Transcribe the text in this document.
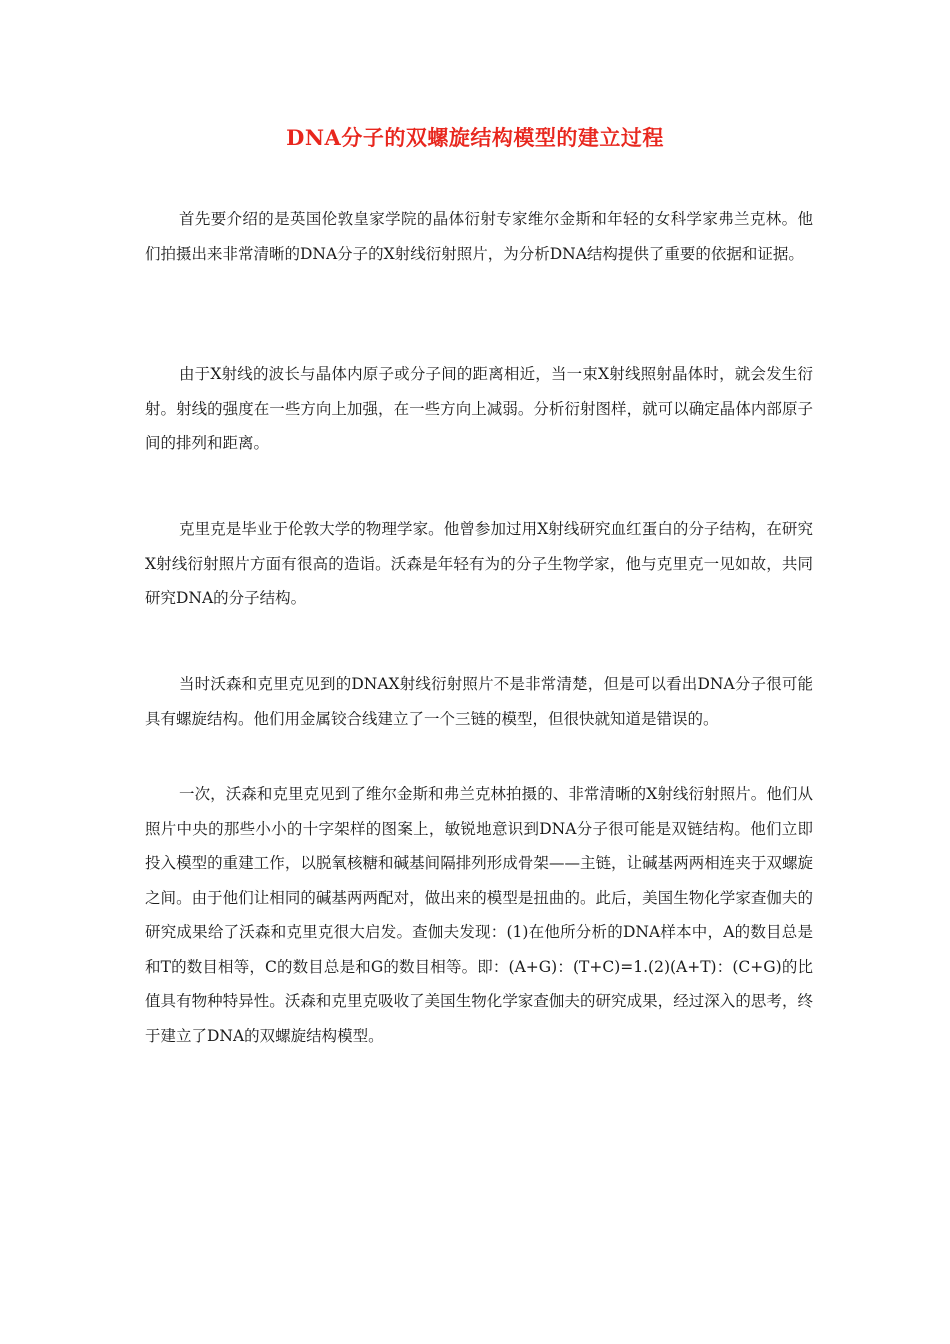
DNA分子的双螺旋结构模型的建立过程

首先要介绍的是英国伦敦皇家学院的晶体衍射专家维尔金斯和年轻的女科学家弗兰克林。他们拍摄出来非常清晰的DNA分子的X射线衍射照片，为分析DNA结构提供了重要的依据和证据。

由于X射线的波长与晶体内原子或分子间的距离相近，当一束X射线照射晶体时，就会发生衍射。射线的强度在一些方向上加强，在一些方向上减弱。分析衍射图样，就可以确定晶体内部原子间的排列和距离。

克里克是毕业于伦敦大学的物理学家。他曾参加过用X射线研究血红蛋白的分子结构，在研究X射线衍射照片方面有很高的造诣。沃森是年轻有为的分子生物学家，他与克里克一见如故，共同研究DNA的分子结构。

当时沃森和克里克见到的DNAX射线衍射照片不是非常清楚，但是可以看出DNA分子很可能具有螺旋结构。他们用金属铰合线建立了一个三链的模型，但很快就知道是错误的。

一次，沃森和克里克见到了维尔金斯和弗兰克林拍摄的、非常清晰的X射线衍射照片。他们从照片中央的那些小小的十字架样的图案上，敏锐地意识到DNA分子很可能是双链结构。他们立即投入模型的重建工作，以脱氧核糖和碱基间隔排列形成骨架——主链，让碱基两两相连夹于双螺旋之间。由于他们让相同的碱基两两配对，做出来的模型是扭曲的。此后，美国生物化学家查伽夫的研究成果给了沃森和克里克很大启发。查伽夫发现：(1)在他所分析的DNA样本中，A的数目总是和T的数目相等，C的数目总是和G的数目相等。即：(A+G)：(T+C)=1.(2)(A+T)：(C+G)的比值具有物种特异性。沃森和克里克吸收了美国生物化学家查伽夫的研究成果，经过深入的思考，终于建立了DNA的双螺旋结构模型。
